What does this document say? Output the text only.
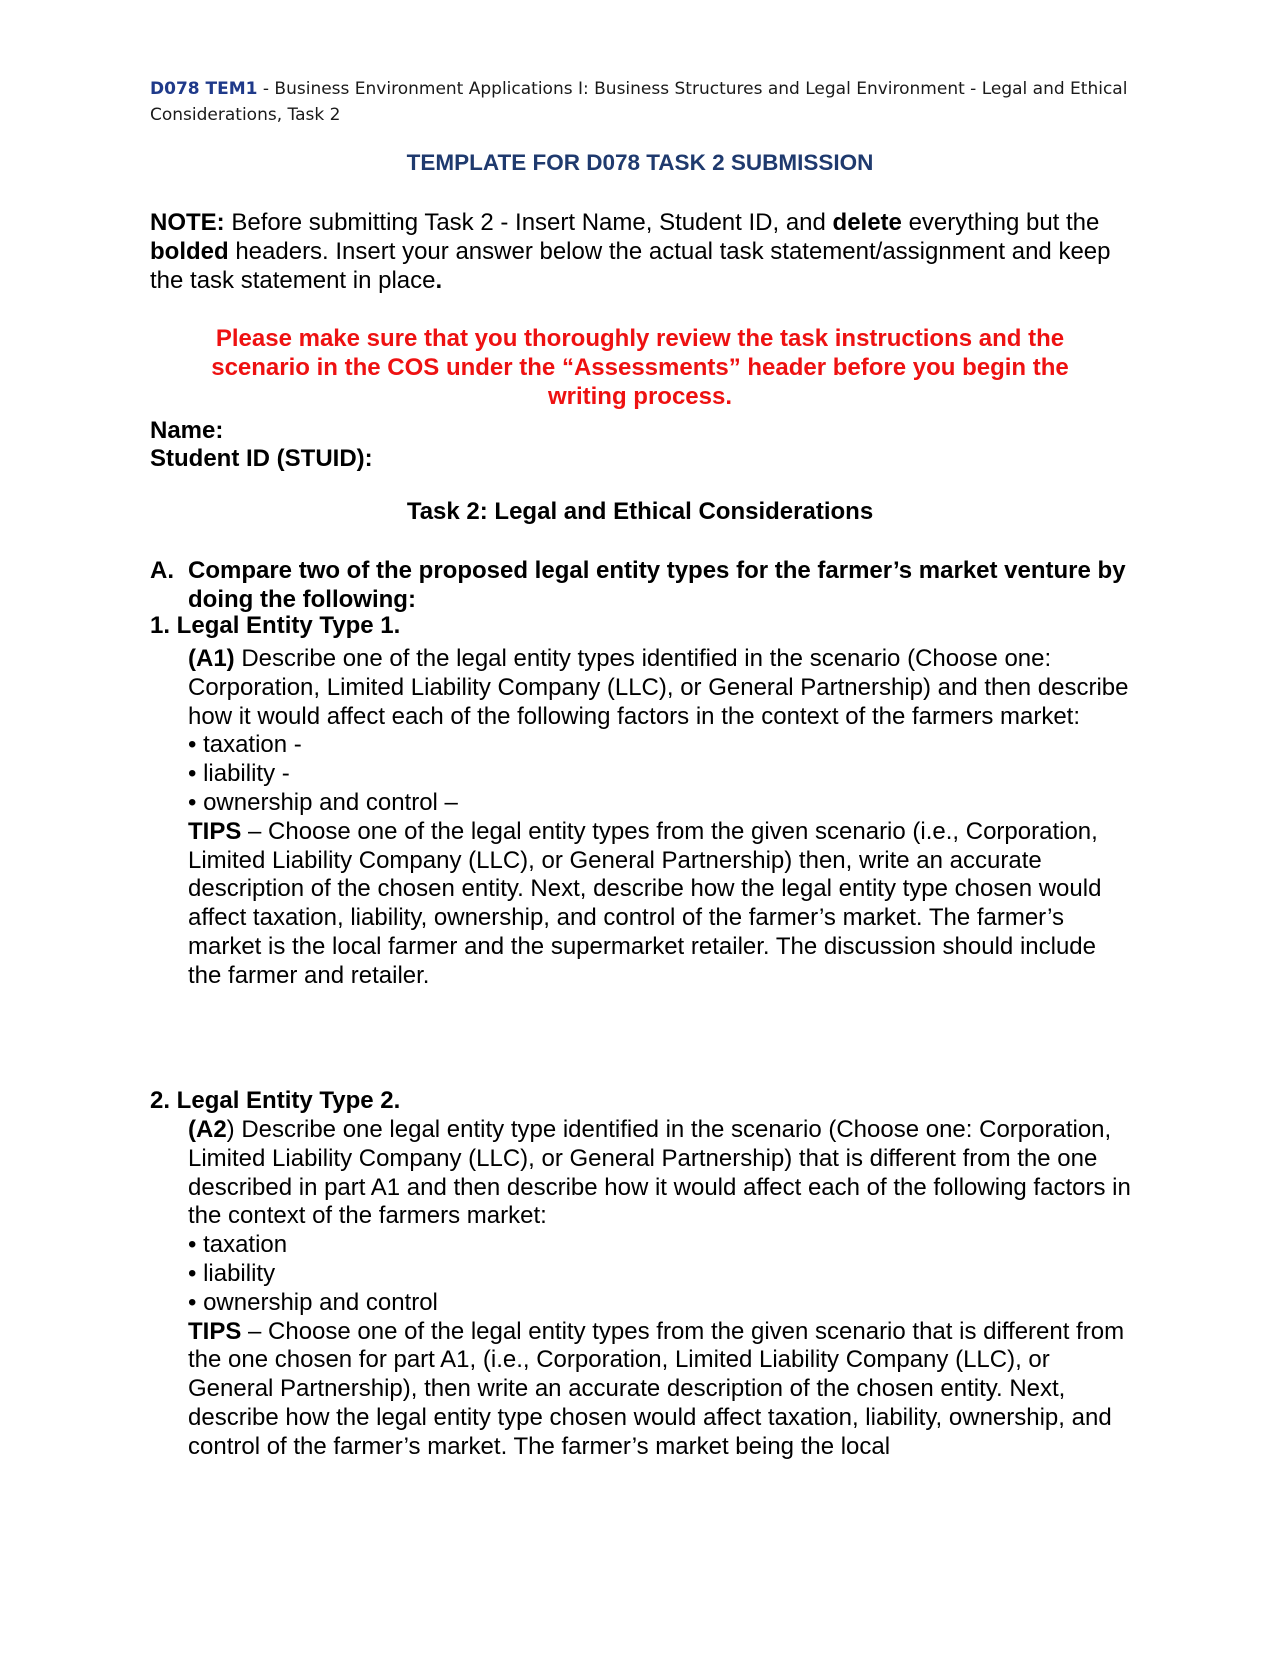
D078 TEM1 - Business Environment Applications I: Business Structures and Legal Environment - Legal and Ethical Considerations, Task 2
TEMPLATE FOR D078 TASK 2 SUBMISSION
NOTE: Before submitting Task 2 - Insert Name, Student ID, and delete everything but the bolded headers. Insert your answer below the actual task statement/assignment and keep the task statement in place.
Please make sure that you thoroughly review the task instructions and the scenario in the COS under the “Assessments” header before you begin the writing process.
Name:
Student ID (STUID):
Task 2: Legal and Ethical Considerations
A. Compare two of the proposed legal entity types for the farmer’s market venture by doing the following:
1. Legal Entity Type 1.

(A1) Describe one of the legal entity types identified in the scenario (Choose one: Corporation, Limited Liability Company (LLC), or General Partnership) and then describe how it would affect each of the following factors in the context of the farmers market:

• taxation -

• liability -

• ownership and control –

TIPS – Choose one of the legal entity types from the given scenario (i.e., Corporation, Limited Liability Company (LLC), or General Partnership) then, write an accurate description of the chosen entity. Next, describe how the legal entity type chosen would affect taxation, liability, ownership, and control of the farmer’s market. The farmer’s market is the local farmer and the supermarket retailer. The discussion should include the farmer and retailer.

2. Legal Entity Type 2.

(A2) Describe one legal entity type identified in the scenario (Choose one: Corporation, Limited Liability Company (LLC), or General Partnership) that is different from the one described in part A1 and then describe how it would affect each of the following factors in the context of the farmers market:

• taxation

• liability

• ownership and control

TIPS – Choose one of the legal entity types from the given scenario that is different from the one chosen for part A1, (i.e., Corporation, Limited Liability Company (LLC), or General Partnership), then write an accurate description of the chosen entity. Next, describe how the legal entity type chosen would affect taxation, liability, ownership, and control of the farmer’s market. The farmer’s market being the local
